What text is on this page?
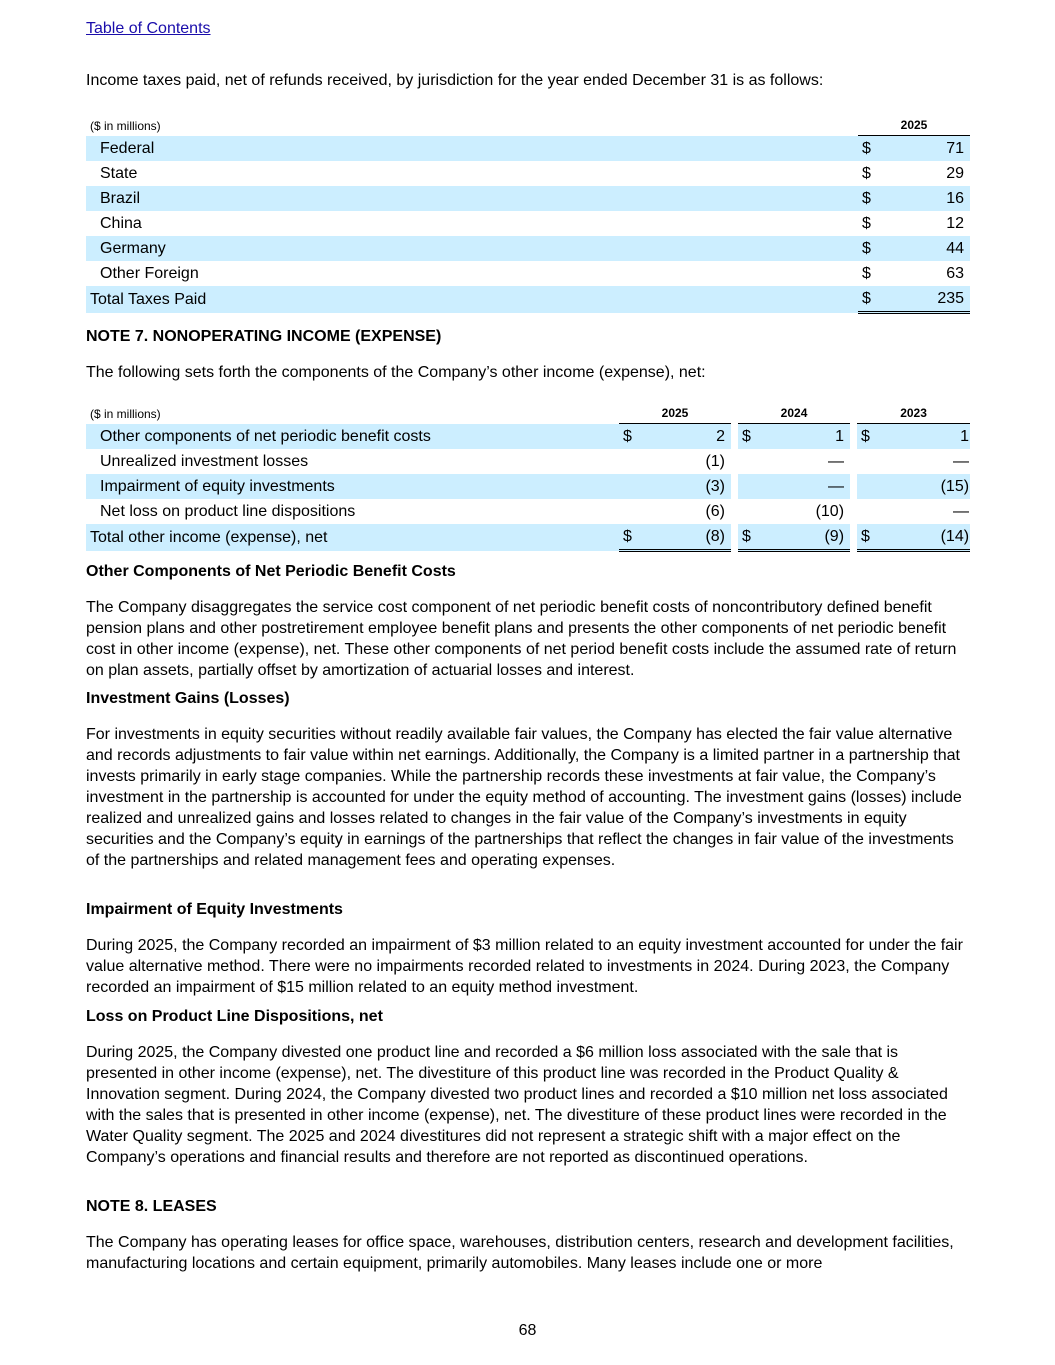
Table of Contents

Income taxes paid, net of refunds received, by jurisdiction for the year ended December 31 is as follows:

($ in millions)	2025	

Federal	$	71
State	$	29
Brazil	$	16
China	$	12
Germany	$	44
Other Foreign	$	63
Total Taxes Paid	$	235

NOTE 7. NONOPERATING INCOME (EXPENSE)

The following sets forth the components of the Company’s other income (expense), net:

($ in millions)	2025			2024			2023	

Other components of net periodic benefit costs	$	2		$	1		$	1
Unrealized investment losses		(1)			—			—
Impairment of equity investments		(3)			—			(15)
Net loss on product line dispositions		(6)			(10)			—
Total other income (expense), net	$	(8)		$	(9)		$	(14)

Other Components of Net Periodic Benefit Costs

The Company disaggregates the service cost component of net periodic benefit costs of noncontributory defined benefit pension plans and other postretirement employee benefit plans and presents the other components of net periodic benefit cost in other income (expense), net. These other components of net period benefit costs include the assumed rate of return on plan assets, partially offset by amortization of actuarial losses and interest.

Investment Gains (Losses)

For investments in equity securities without readily available fair values, the Company has elected the fair value alternative and records adjustments to fair value within net earnings. Additionally, the Company is a limited partner in a partnership that invests primarily in early stage companies. While the partnership records these investments at fair value, the Company’s investment in the partnership is accounted for under the equity method of accounting. The investment gains (losses) include realized and unrealized gains and losses related to changes in the fair value of the Company’s investments in equity securities and the Company’s equity in earnings of the partnerships that reflect the changes in fair value of the investments of the partnerships and related management fees and operating expenses.

Impairment of Equity Investments

During 2025, the Company recorded an impairment of $3 million related to an equity investment accounted for under the fair value alternative method. There were no impairments recorded related to investments in 2024. During 2023, the Company recorded an impairment of $15 million related to an equity method investment.

Loss on Product Line Dispositions, net

During 2025, the Company divested one product line and recorded a $6 million loss associated with the sale that is presented in other income (expense), net. The divestiture of this product line was recorded in the Product Quality & Innovation segment. During 2024, the Company divested two product lines and recorded a $10 million net loss associated with the sales that is presented in other income (expense), net. The divestiture of these product lines were recorded in the Water Quality segment. The 2025 and 2024 divestitures did not represent a strategic shift with a major effect on the Company’s operations and financial results and therefore are not reported as discontinued operations.

NOTE 8. LEASES

The Company has operating leases for office space, warehouses, distribution centers, research and development facilities, manufacturing locations and certain equipment, primarily automobiles. Many leases include one or more

68
